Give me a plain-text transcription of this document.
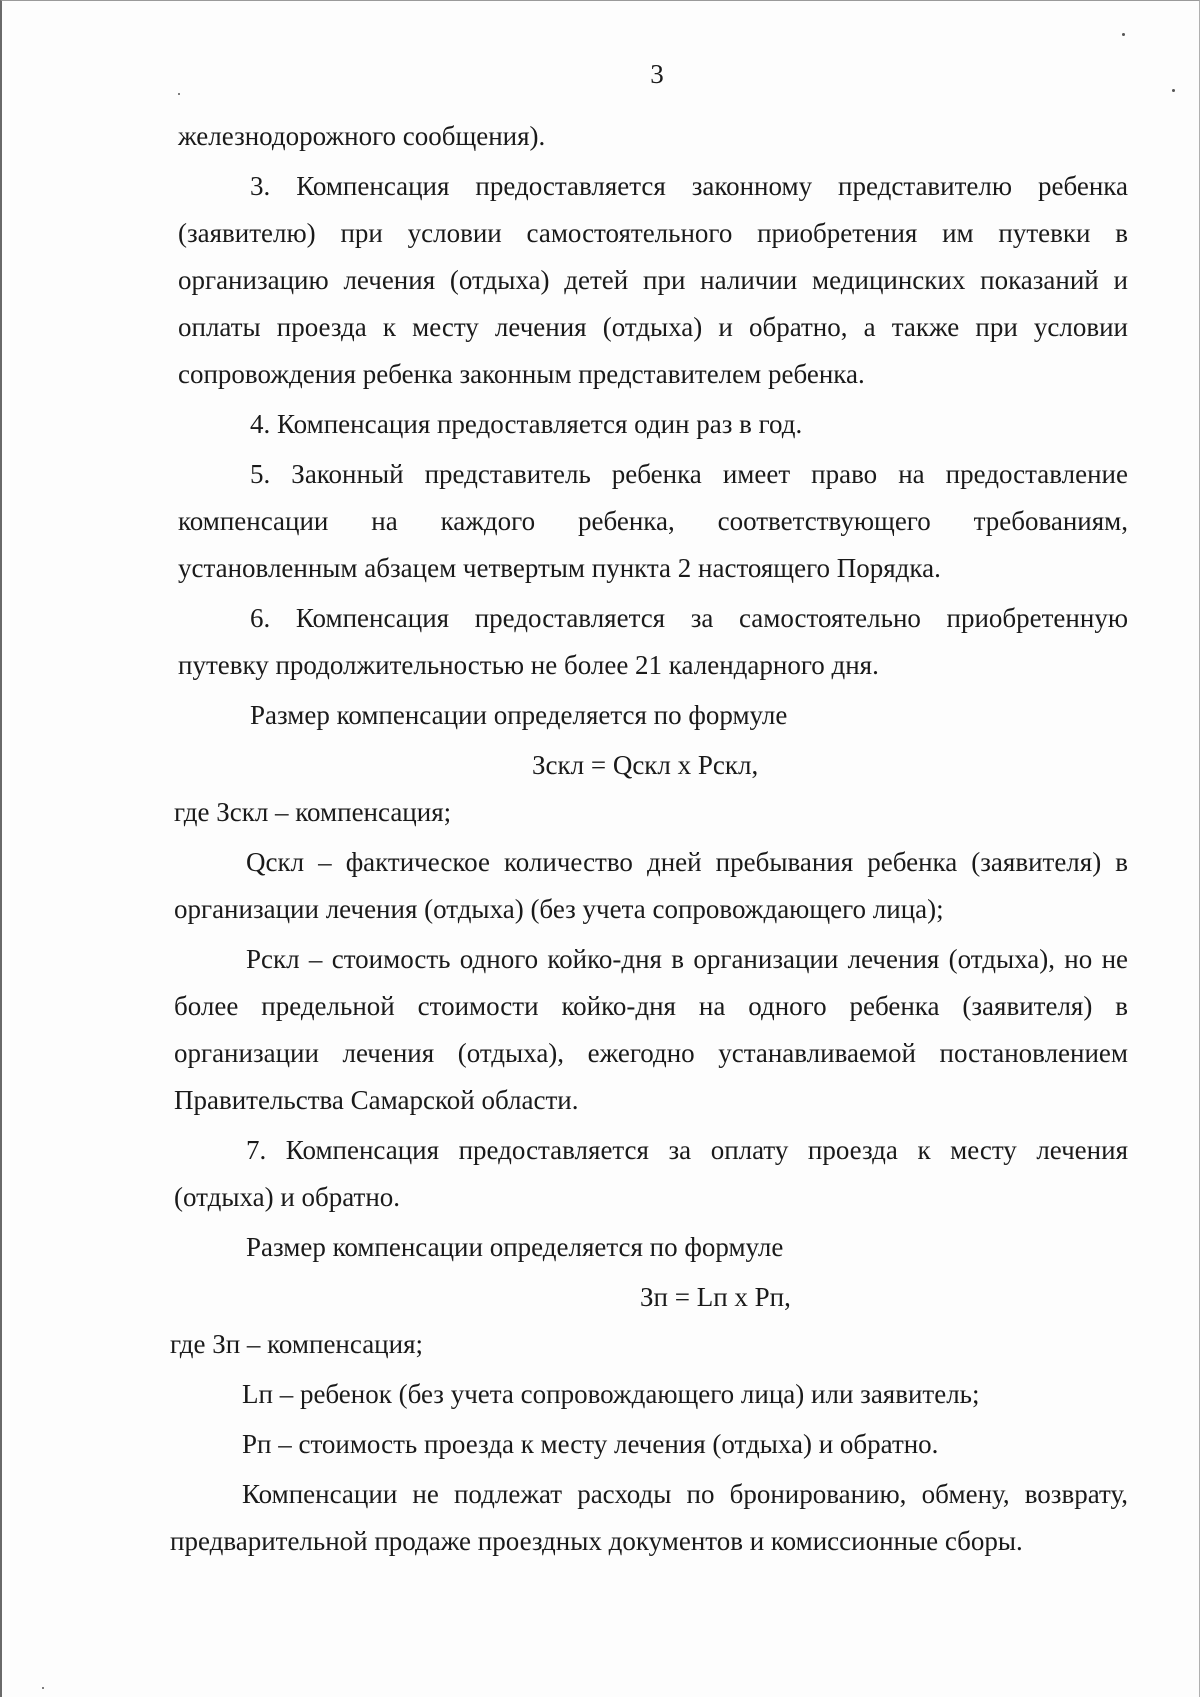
3

железнодорожного сообщения).

3. Компенсация предоставляется законному представителю ребенка (заявителю) при условии самостоятельного приобретения им путевки в организацию лечения (отдыха) детей при наличии медицинских показаний и оплаты проезда к месту лечения (отдыха) и обратно, а также при условии сопровождения ребенка законным представителем ребенка.

4. Компенсация предоставляется один раз в год.

5. Законный представитель ребенка имеет право на предоставление компенсации на каждого ребенка, соответствующего требованиям, установленным абзацем четвертым пункта 2 настоящего Порядка.

6. Компенсация предоставляется за самостоятельно приобретенную путевку продолжительностью не более 21 календарного дня.

Размер компенсации определяется по формуле

Зскл = Qскл х Рскл,

где Зскл – компенсация;

Qскл – фактическое количество дней пребывания ребенка (заявителя) в организации лечения (отдыха) (без учета сопровождающего лица);

Рскл – стоимость одного койко-дня в организации лечения (отдыха), но не более предельной стоимости койко-дня на одного ребенка (заявителя) в организации лечения (отдыха), ежегодно устанавливаемой постановлением Правительства Самарской области.

7. Компенсация предоставляется за оплату проезда к месту лечения (отдыха) и обратно.

Размер компенсации определяется по формуле

Зп = Lп х Рп,

где Зп – компенсация;

Lп – ребенок (без учета сопровождающего лица) или заявитель;

Рп – стоимость проезда к месту лечения (отдыха) и обратно.

Компенсации не подлежат расходы по бронированию, обмену, возврату, предварительной продаже проездных документов и комиссионные сборы.
